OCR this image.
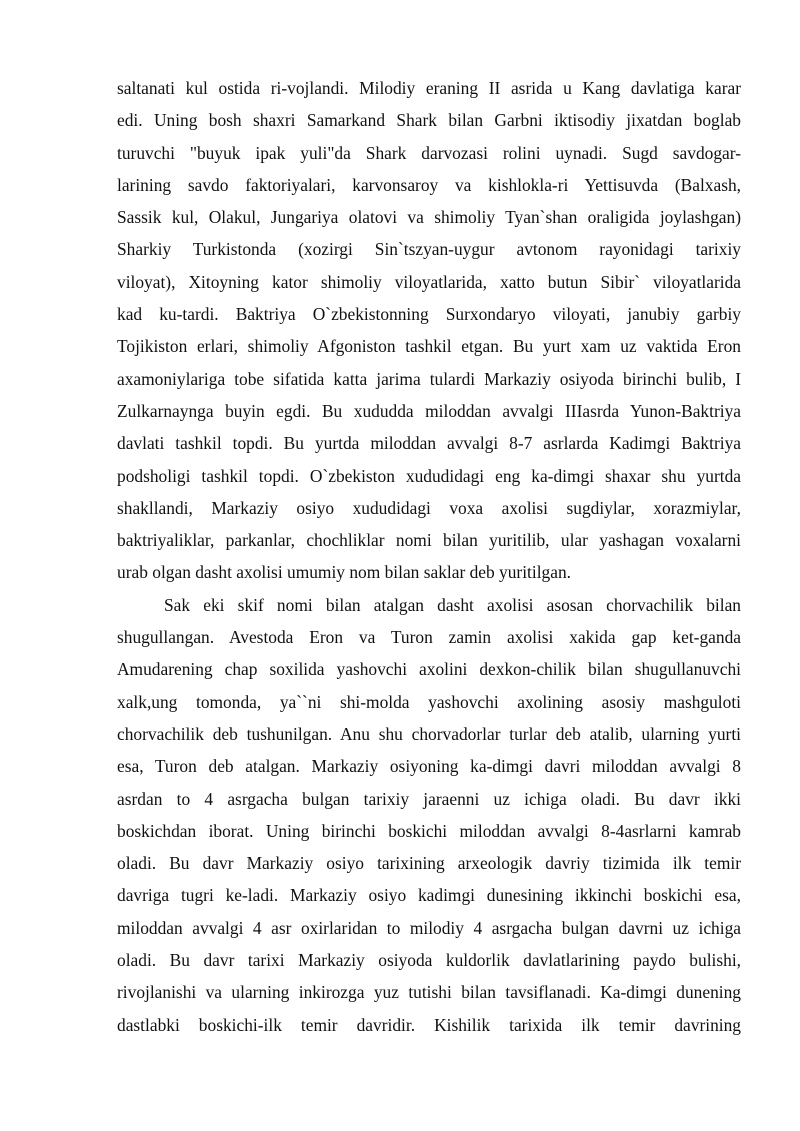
saltanati kul ostida ri-vojlandi. Milodiy eraning II asrida u Kang davlatiga karar
edi. Uning bosh shaxri Samarkand Shark bilan Garbni iktisodiy jixatdan boglab
turuvchi "buyuk ipak yuli"da Shark darvozasi rolini uynadi. Sugd savdogar-
larining savdo faktoriyalari, karvonsaroy va kishlokla-ri Yettisuvda (Balxash,
Sassik kul, Olakul, Jungariya olatovi va shimoliy Tyan`shan oraligida joylashgan)
Sharkiy Turkistonda (xozirgi Sin`tszyan-uygur avtonom rayonidagi tarixiy
viloyat), Xitoyning kator shimoliy viloyatlarida, xatto butun Sibir` viloyatlarida
kad ku-tardi. Baktriya O`zbekistonning Surxondaryo viloyati, janubiy garbiy
Tojikiston erlari, shimoliy Afgoniston tashkil etgan. Bu yurt xam uz vaktida Eron
axamoniylariga tobe sifatida katta jarima tulardi Markaziy osiyoda birinchi bulib, I
Zulkarnaynga buyin egdi. Bu xududda miloddan avvalgi IIIasrda Yunon-Baktriya
davlati tashkil topdi. Bu yurtda miloddan avvalgi 8-7 asrlarda Kadimgi Baktriya
podsholigi tashkil topdi. O`zbekiston xududidagi eng ka-dimgi shaxar shu yurtda
shakllandi, Markaziy osiyo xududidagi voxa axolisi sugdiylar, xorazmiylar,
baktriyaliklar, parkanlar, chochliklar nomi bilan yuritilib, ular yashagan voxalarni
urab olgan dasht axolisi umumiy nom bilan saklar deb yuritilgan.
Sak eki skif nomi bilan atalgan dasht axolisi asosan chorvachilik bilan
shugullangan. Avestoda Eron va Turon zamin axolisi xakida gap ket-ganda
Amudarening chap soxilida yashovchi axolini dexkon-chilik bilan shugullanuvchi
xalk,ung tomonda, ya``ni shi-molda yashovchi axolining asosiy mashguloti
chorvachilik deb tushunilgan. Anu shu chorvadorlar turlar deb atalib, ularning yurti
esa, Turon deb atalgan. Markaziy osiyoning ka-dimgi davri miloddan avvalgi 8
asrdan to 4 asrgacha bulgan tarixiy jaraenni uz ichiga oladi. Bu davr ikki
boskichdan iborat. Uning birinchi boskichi miloddan avvalgi 8-4asrlarni kamrab
oladi. Bu davr Markaziy osiyo tarixining arxeologik davriy tizimida ilk temir
davriga tugri ke-ladi. Markaziy osiyo kadimgi dunesining ikkinchi boskichi esa,
miloddan avvalgi 4 asr oxirlaridan to milodiy 4 asrgacha bulgan davrni uz ichiga
oladi. Bu davr tarixi Markaziy osiyoda kuldorlik davlatlarining paydo bulishi,
rivojlanishi va ularning inkirozga yuz tutishi bilan tavsiflanadi. Ka-dimgi dunening
dastlabki boskichi-ilk temir davridir. Kishilik tarixida ilk temir davrining
